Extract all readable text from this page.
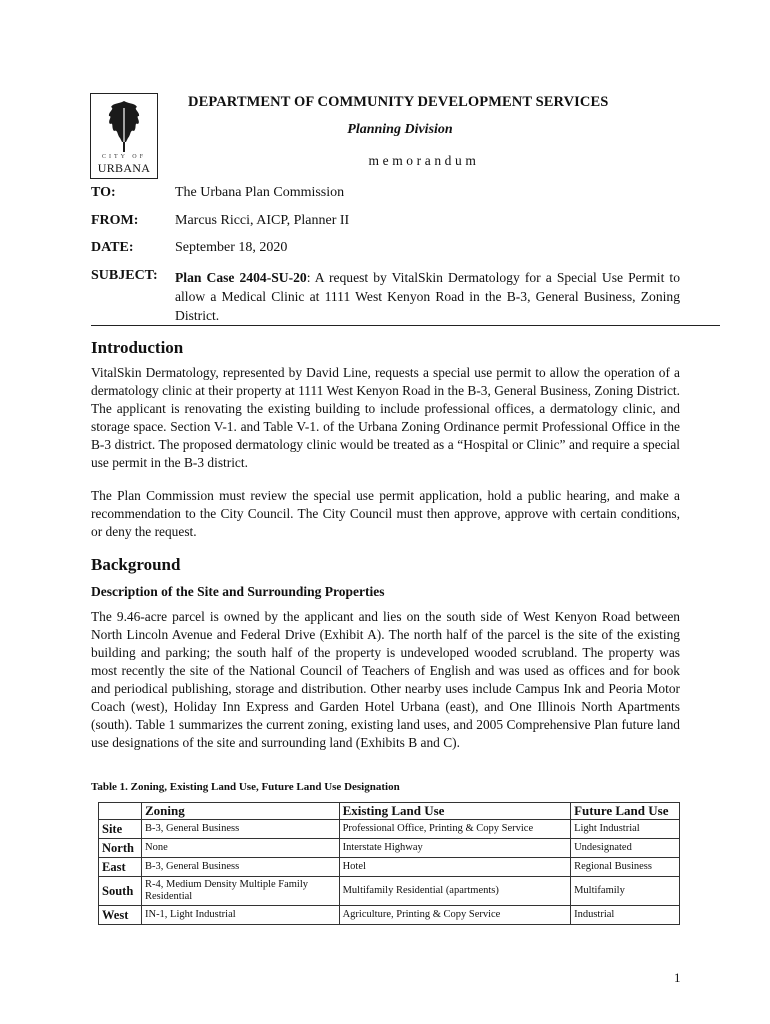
CITY OF
URBANA
DEPARTMENT OF COMMUNITY DEVELOPMENT SERVICES
Planning Division
memorandum
TO:	The Urbana Plan Commission
FROM:	Marcus Ricci, AICP, Planner II
DATE:	September 18, 2020
SUBJECT: Plan Case 2404-SU-20: A request by VitalSkin Dermatology for a Special Use Permit to allow a Medical Clinic at 1111 West Kenyon Road in the B-3, General Business, Zoning District.
Introduction

VitalSkin Dermatology, represented by David Line, requests a special use permit to allow the operation of a dermatology clinic at their property at 1111 West Kenyon Road in the B-3, General Business, Zoning District. The applicant is renovating the existing building to include professional offices, a dermatology clinic, and storage space. Section V-1. and Table V-1. of the Urbana Zoning Ordinance permit Professional Office in the B-3 district. The proposed dermatology clinic would be treated as a “Hospital or Clinic” and require a special use permit in the B-3 district.

The Plan Commission must review the special use permit application, hold a public hearing, and make a recommendation to the City Council. The City Council must then approve, approve with certain conditions, or deny the request.

Background
Description of the Site and Surrounding Properties

The 9.46-acre parcel is owned by the applicant and lies on the south side of West Kenyon Road between North Lincoln Avenue and Federal Drive (Exhibit A). The north half of the parcel is the site of the existing building and parking; the south half of the property is undeveloped wooded scrubland. The property was most recently the site of the National Council of Teachers of English and was used as offices and for book and periodical publishing, storage and distribution. Other nearby uses include Campus Ink and Peoria Motor Coach (west), Holiday Inn Express and Garden Hotel Urbana (east), and One Illinois North Apartments (south). Table 1 summarizes the current zoning, existing land uses, and 2005 Comprehensive Plan future land use designations of the site and surrounding land (Exhibits B and C).

Table 1. Zoning, Existing Land Use, Future Land Use Designation
	Zoning	Existing Land Use	Future Land Use
Site	B-3, General Business	Professional Office, Printing & Copy Service	Light Industrial
North	None	Interstate Highway	Undesignated
East	B-3, General Business	Hotel	Regional Business
South	R-4, Medium Density Multiple Family Residential	Multifamily Residential (apartments)	Multifamily
West	IN-1, Light Industrial	Agriculture, Printing & Copy Service	Industrial
1
